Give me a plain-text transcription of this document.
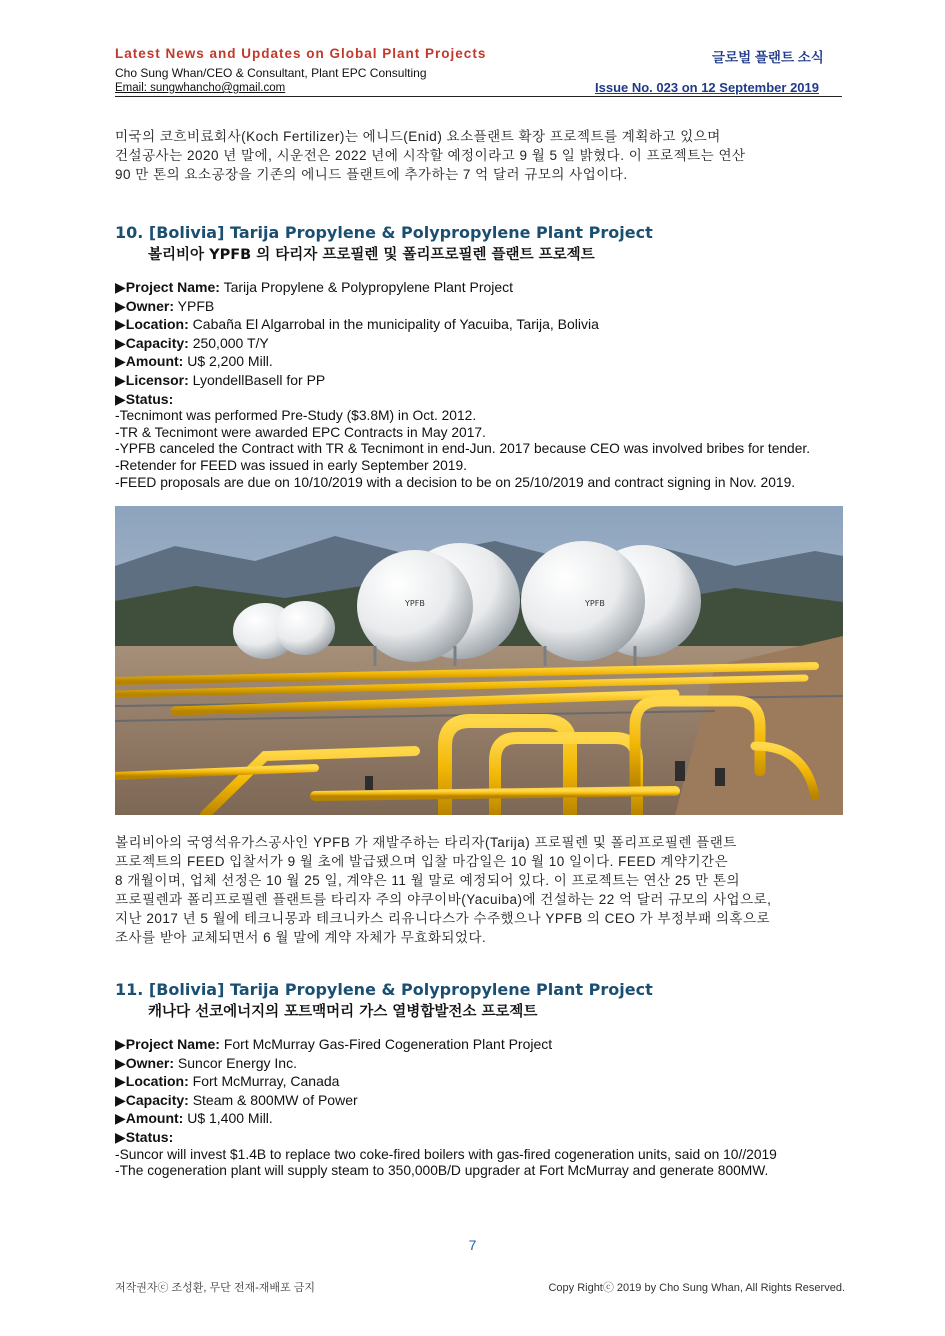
Latest News and Updates on Global Plant Projects	글로벌 플랜트 소식
Cho Sung Whan/CEO & Consultant, Plant EPC Consulting
Email: sungwhancho@gmail.com	Issue No. 023 on 12 September 2019

미국의 코흐비료회사(Koch Fertilizer)는 에니드(Enid) 요소플랜트 확장 프로젝트를 계획하고 있으며

건설공사는 2020 년 말에, 시운전은 2022 년에 시작할 예정이라고 9 월 5 일 밝혔다. 이 프로젝트는 연산

90 만 톤의 요소공장을 기존의 에니드 플랜트에 추가하는 7 억 달러 규모의 사업이다.

10. [Bolivia] Tarija Propylene & Polypropylene Plant Project
볼리비아 YPFB 의 타리자 프로필렌 및 폴리프로필렌 플랜트 프로젝트
▶Project Name: Tarija Propylene & Polypropylene Plant Project
▶Owner: YPFB
▶Location: Cabaña El Algarrobal in the municipality of Yacuiba, Tarija, Bolivia
▶Capacity: 250,000 T/Y
▶Amount: U$ 2,200 Mill.
▶Licensor: LyondellBasell for PP
▶Status:
-Tecnimont was performed Pre-Study ($3.8M) in Oct. 2012.
-TR & Tecnimont were awarded EPC Contracts in May 2017.
-YPFB canceled the Contract with TR & Tecnimont in end-Jun. 2017 because CEO was involved bribes for tender.
-Retender for FEED was issued in early September 2019.
-FEED proposals are due on 10/10/2019 with a decision to be on 25/10/2019 and contract signing in Nov. 2019.
YPFB	YPFB

볼리비아의 국영석유가스공사인 YPFB 가 재발주하는 타리자(Tarija) 프로필렌 및 폴리프로필렌 플랜트

프로젝트의 FEED 입찰서가 9 월 초에 발급됐으며 입찰 마감일은 10 월 10 일이다. FEED 계약기간은

8 개월이며, 업체 선정은 10 월 25 일, 계약은 11 월 말로 예정되어 있다. 이 프로젝트는 연산 25 만 톤의

프로필렌과 폴리프로필렌 플랜트를 타리자 주의 야쿠이바(Yacuiba)에 건설하는 22 억 달러 규모의 사업으로,

지난 2017 년 5 월에 테크니몽과 테크니카스 리유니다스가 수주했으나 YPFB 의 CEO 가 부정부패 의혹으로

조사를 받아 교체되면서 6 월 말에 계약 자체가 무효화되었다.

11. [Bolivia] Tarija Propylene & Polypropylene Plant Project
캐나다 선코에너지의 포트맥머리 가스 열병합발전소 프로젝트
▶Project Name: Fort McMurray Gas-Fired Cogeneration Plant Project
▶Owner: Suncor Energy Inc.
▶Location: Fort McMurray, Canada
▶Capacity: Steam & 800MW of Power
▶Amount: U$ 1,400 Mill.
▶Status:
-Suncor will invest $1.4B to replace two coke-fired boilers with gas-fired cogeneration units, said on 10//2019
-The cogeneration plant will supply steam to 350,000B/D upgrader at Fort McMurray and generate 800MW.
7
저작권자ⓒ 조성환, 무단 전재-재배포 금지	Copy Rightⓒ 2019 by Cho Sung Whan, All Rights Reserved.
